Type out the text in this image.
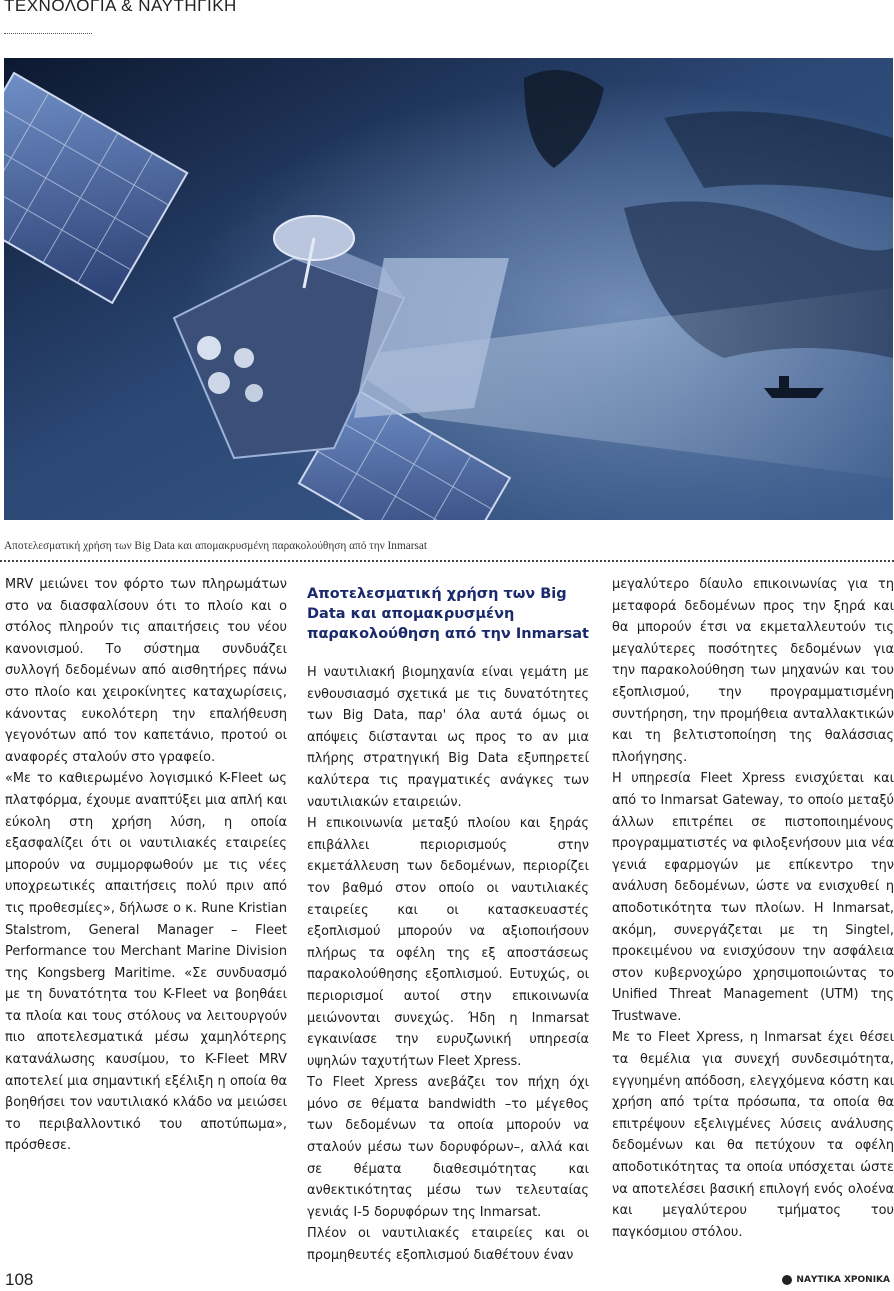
ΤΕΧΝΟΛΟΓΙΑ & ΝΑΥΤΗΓΙΚΗ
Αποτελεσματική χρήση των Big Data και απομακρυσμένη παρακολούθηση από την Inmarsat

MRV μειώνει τον φόρτο των πληρωμάτων στο να διασφαλίσουν ότι το πλοίο και ο στόλος πληρούν τις απαιτήσεις του νέου κανονισμού. Το σύστημα συνδυάζει συλλογή δεδομένων από αισθητήρες πάνω στο πλοίο και χειροκίνητες καταχωρίσεις, κάνοντας ευκολότερη την επαλήθευση γεγονότων από τον καπετάνιο, προτού οι αναφορές σταλούν στο γραφείο.

«Με το καθιερωμένο λογισμικό K-Fleet ως πλατφόρμα, έχουμε αναπτύξει μια απλή και εύκολη στη χρήση λύση, η οποία εξασφαλίζει ότι οι ναυτιλιακές εταιρείες μπορούν να συμμορφωθούν με τις νέες υποχρεωτικές απαιτήσεις πολύ πριν από τις προθεσμίες», δήλωσε ο κ. Rune Kristian Stalstrom, General Manager – Fleet Performance του Merchant Marine Division της Kongsberg Maritime. «Σε συνδυασμό με τη δυνατότητα του K-Fleet να βοηθάει τα πλοία και τους στόλους να λειτουργούν πιο αποτελεσματικά μέσω χαμηλότερης κατανάλωσης καυσίμου, το K-Fleet MRV αποτελεί μια σημαντική εξέλιξη η οποία θα βοηθήσει τον ναυτιλιακό κλάδο να μειώσει το περιβαλλοντικό του αποτύπωμα», πρόσθεσε.

Αποτελεσματική χρήση των Big Data και απομακρυσμένη παρακολούθηση από την Inmarsat

Η ναυτιλιακή βιομηχανία είναι γεμάτη με ενθουσιασμό σχετικά με τις δυνατότητες των Big Data, παρ' όλα αυτά όμως οι απόψεις διίστανται ως προς το αν μια πλήρης στρατηγική Big Data εξυπηρετεί καλύτερα τις πραγματικές ανάγκες των ναυτιλιακών εταιρειών.

Η επικοινωνία μεταξύ πλοίου και ξηράς επιβάλλει περιορισμούς στην εκμετάλλευση των δεδομένων, περιορίζει τον βαθμό στον οποίο οι ναυτιλιακές εταιρείες και οι κατασκευαστές εξοπλισμού μπορούν να αξιοποιήσουν πλήρως τα οφέλη της εξ αποστάσεως παρακολούθησης εξοπλισμού. Ευτυχώς, οι περιορισμοί αυτοί στην επικοινωνία μειώνονται συνεχώς. Ήδη η Inmarsat εγκαινίασε την ευρυζωνική υπηρεσία υψηλών ταχυτήτων Fleet Xpress.

Το Fleet Xpress ανεβάζει τον πήχη όχι μόνο σε θέματα bandwidth –το μέγεθος των δεδομένων τα οποία μπορούν να σταλούν μέσω των δορυφόρων–, αλλά και σε θέματα διαθεσιμότητας και ανθεκτικότητας μέσω των τελευταίας γενιάς I-5 δορυφόρων της Inmarsat.

Πλέον οι ναυτιλιακές εταιρείες και οι προμηθευτές εξοπλισμού διαθέτουν έναν

μεγαλύτερο δίαυλο επικοινωνίας για τη μεταφορά δεδομένων προς την ξηρά και θα μπορούν έτσι να εκμεταλλευτούν τις μεγαλύτερες ποσότητες δεδομένων για την παρακολούθηση των μηχανών και του εξοπλισμού, την προγραμματισμένη συντήρηση, την προμήθεια ανταλλακτικών και τη βελτιστοποίηση της θαλάσσιας πλοήγησης.

Η υπηρεσία Fleet Xpress ενισχύεται και από το Inmarsat Gateway, το οποίο μεταξύ άλλων επιτρέπει σε πιστοποιημένους προγραμματιστές να φιλοξενήσουν μια νέα γενιά εφαρμογών με επίκεντρο την ανάλυση δεδομένων, ώστε να ενισχυθεί η αποδοτικότητα των πλοίων. Η Inmarsat, ακόμη, συνεργάζεται με τη Singtel, προκειμένου να ενισχύσουν την ασφάλεια στον κυβερνοχώρο χρησιμοποιώντας το Unified Threat Management (UTM) της Trustwave.

Με το Fleet Xpress, η Inmarsat έχει θέσει τα θεμέλια για συνεχή συνδεσιμότητα, εγγυημένη απόδοση, ελεγχόμενα κόστη και χρήση από τρίτα πρόσωπα, τα οποία θα επιτρέψουν εξελιγμένες λύσεις ανάλυσης δεδομένων και θα πετύχουν τα οφέλη αποδοτικότητας τα οποία υπόσχεται ώστε να αποτελέσει βασική επιλογή ενός ολοένα και μεγαλύτερου τμήματος του παγκόσμιου στόλου.

108	ΝΑΥΤΙΚΑ ΧΡΟΝΙΚΑ
